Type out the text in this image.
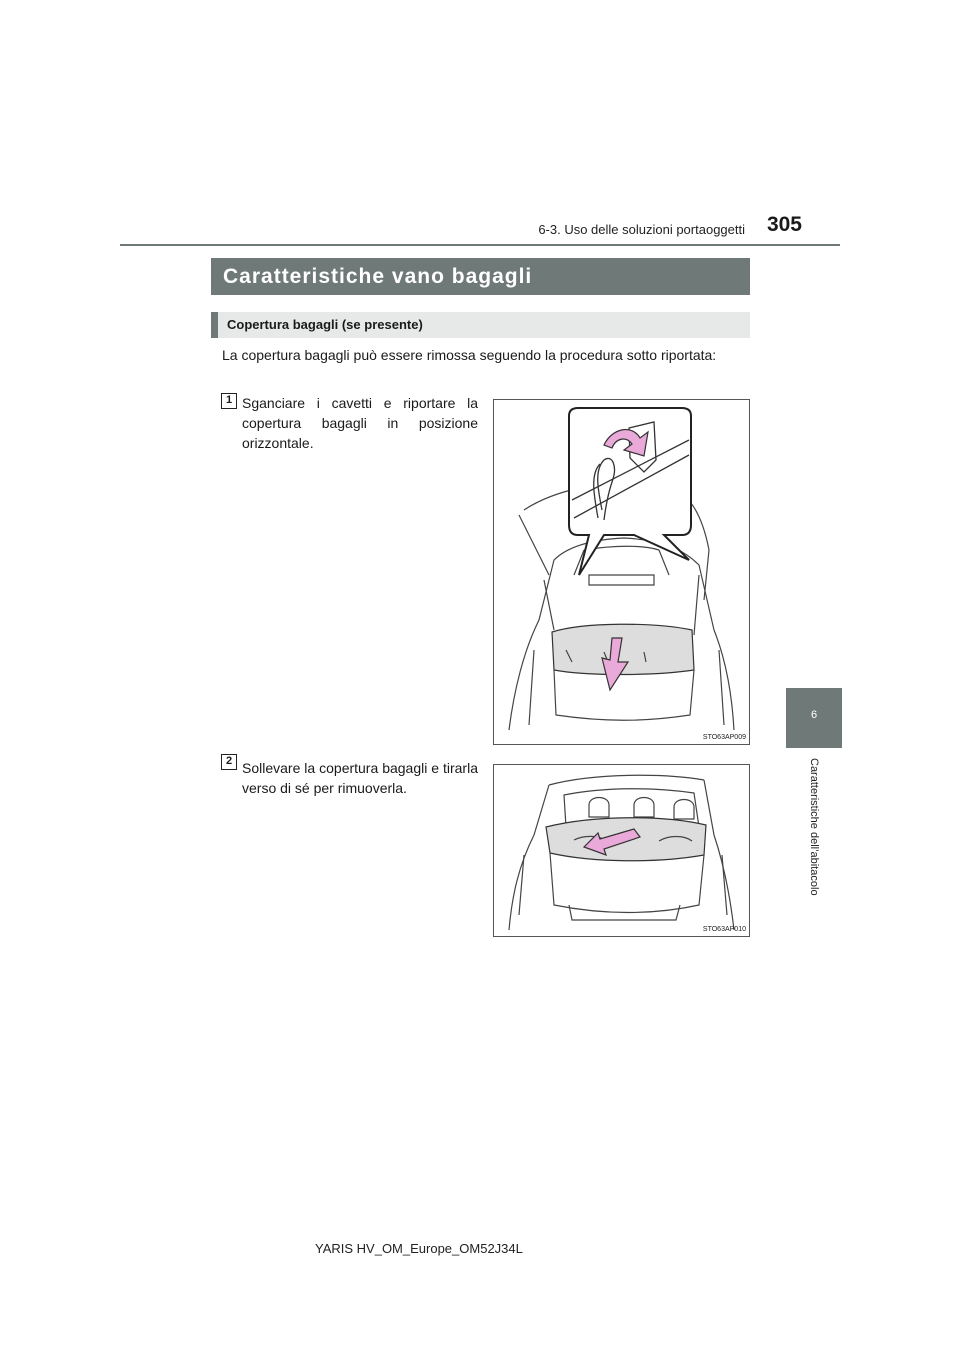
6-3. Uso delle soluzioni portaoggetti	305
6
Caratteristiche dell’abitacolo
Caratteristiche vano bagagli
Copertura bagagli (se presente)
La copertura bagagli può essere rimossa seguendo la procedura sotto riportata:
1 Sganciare i cavetti e riportare la copertura bagagli in posizione orizzontale.
STO63AP009
2 Sollevare la copertura bagagli e tirarla verso di sé per rimuoverla.
STO63AP010
YARIS HV_OM_Europe_OM52J34L
